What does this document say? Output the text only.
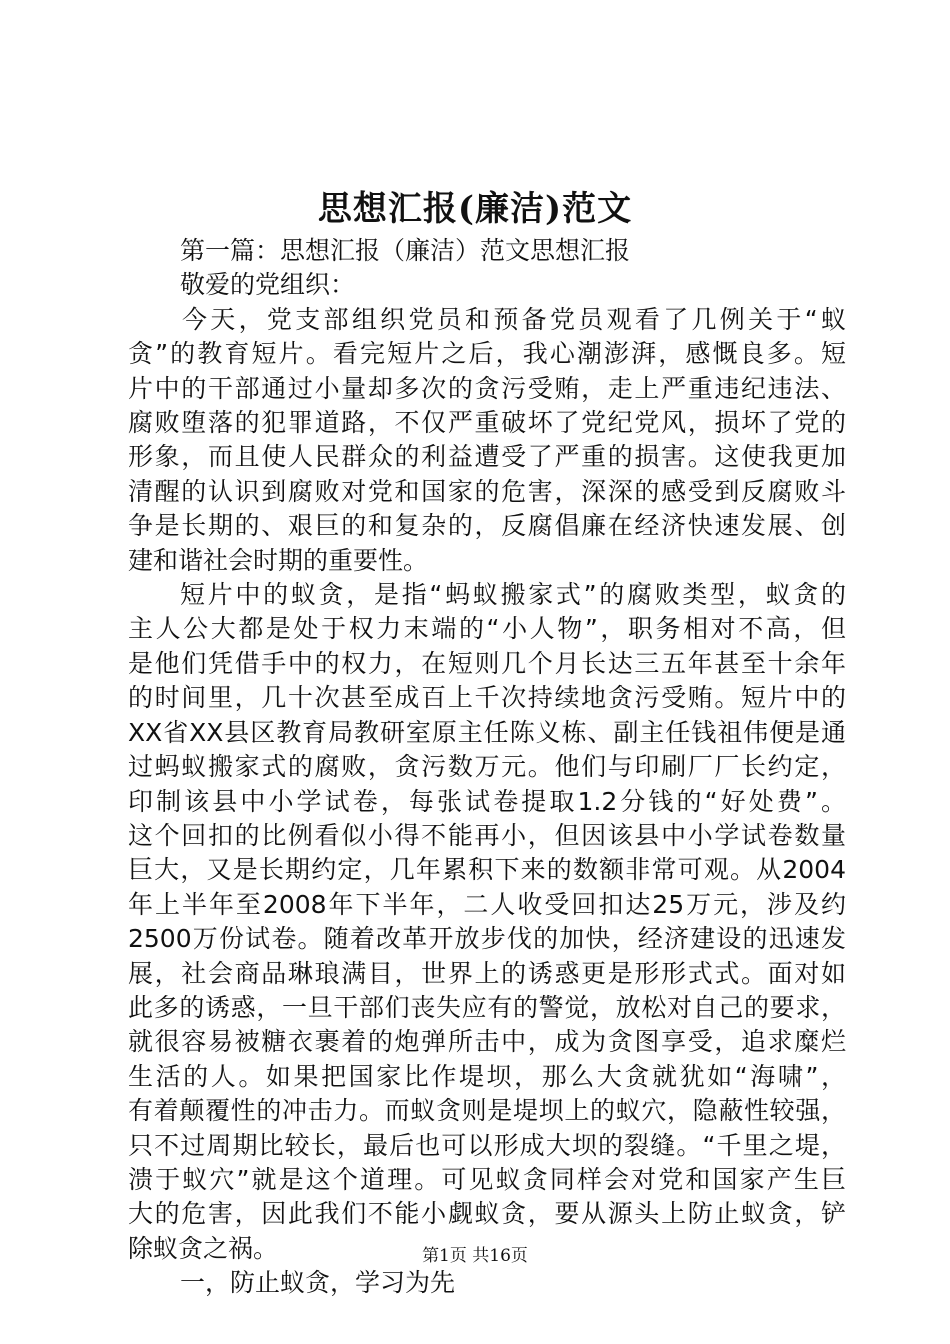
思想汇报(廉洁)范文

第一篇：思想汇报（廉洁）范文思想汇报

敬爱的党组织：

今天，党支部组织党员和预备党员观看了几例关于“蚁

贪”的教育短片。看完短片之后，我心潮澎湃，感慨良多。短

片中的干部通过小量却多次的贪污受贿，走上严重违纪违法、

腐败堕落的犯罪道路，不仅严重破坏了党纪党风，损坏了党的

形象，而且使人民群众的利益遭受了严重的损害。这使我更加

清醒的认识到腐败对党和国家的危害，深深的感受到反腐败斗

争是长期的、艰巨的和复杂的，反腐倡廉在经济快速发展、创

建和谐社会时期的重要性。

短片中的蚁贪，是指“蚂蚁搬家式”的腐败类型，蚁贪的

主人公大都是处于权力末端的“小人物”，职务相对不高，但

是他们凭借手中的权力，在短则几个月长达三五年甚至十余年

的时间里，几十次甚至成百上千次持续地贪污受贿。短片中的

XX省XX县区教育局教研室原主任陈义栋、副主任钱祖伟便是通

过蚂蚁搬家式的腐败，贪污数万元。他们与印刷厂厂长约定，

印制该县中小学试卷，每张试卷提取1.2分钱的“好处费”。

这个回扣的比例看似小得不能再小，但因该县中小学试卷数量

巨大，又是长期约定，几年累积下来的数额非常可观。从2004

年上半年至2008年下半年，二人收受回扣达25万元，涉及约

2500万份试卷。随着改革开放步伐的加快，经济建设的迅速发

展，社会商品琳琅满目，世界上的诱惑更是形形式式。面对如

此多的诱惑，一旦干部们丧失应有的警觉，放松对自己的要求，

就很容易被糖衣裹着的炮弹所击中，成为贪图享受，追求糜烂

生活的人。如果把国家比作堤坝，那么大贪就犹如“海啸”，

有着颠覆性的冲击力。而蚁贪则是堤坝上的蚁穴，隐蔽性较强，

只不过周期比较长，最后也可以形成大坝的裂缝。“千里之堤，

溃于蚁穴”就是这个道理。可见蚁贪同样会对党和国家产生巨

大的危害，因此我们不能小觑蚁贪，要从源头上防止蚁贪，铲

除蚁贪之祸。

一，防止蚁贪，学习为先

第1页 共16页
